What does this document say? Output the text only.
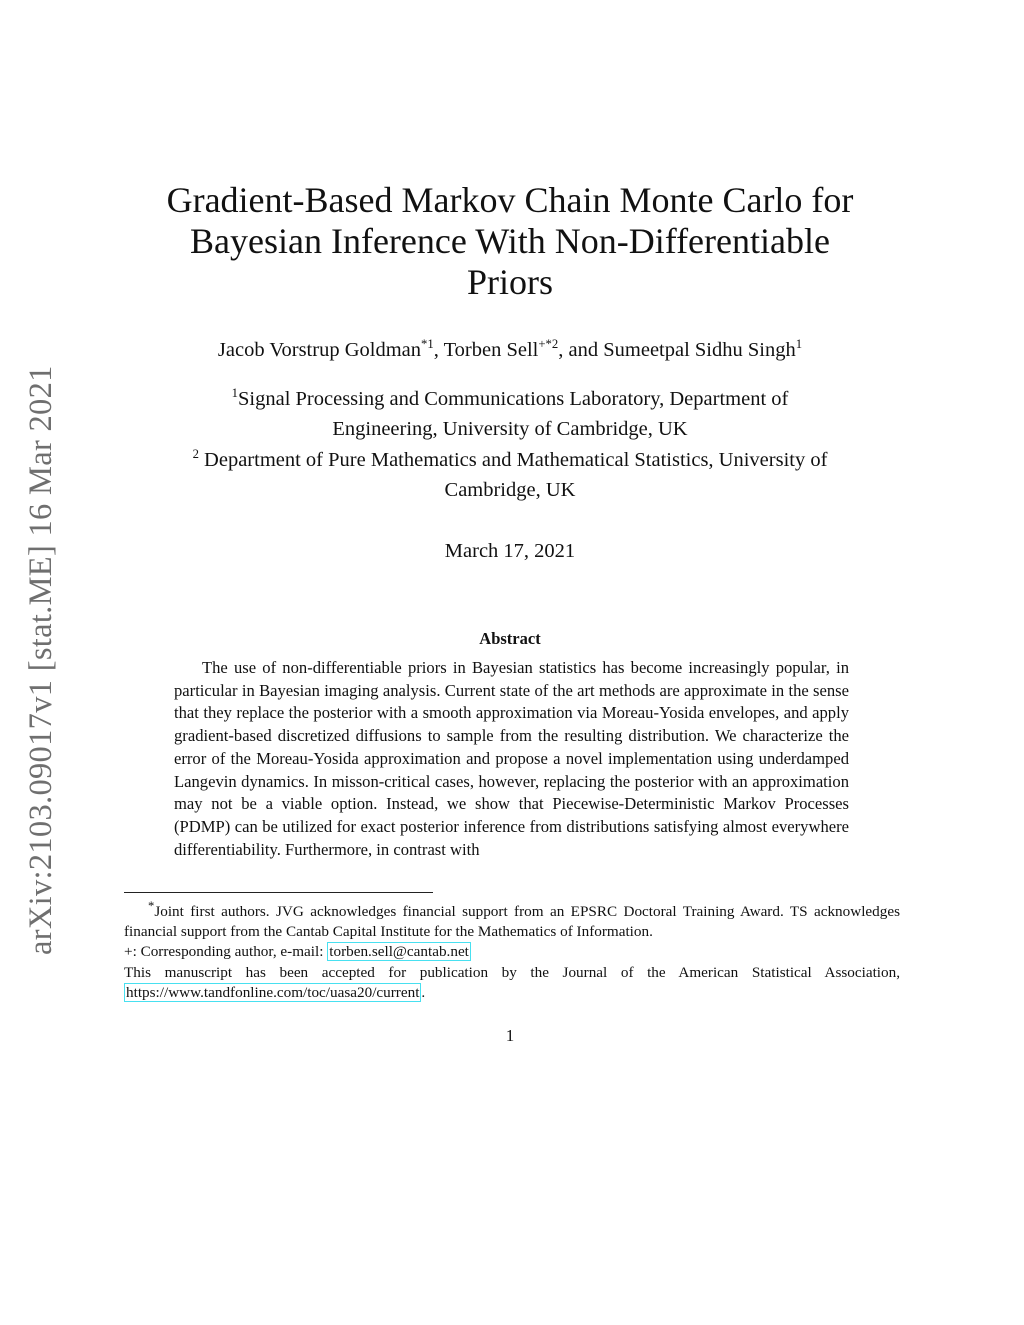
arXiv:2103.09017v1 [stat.ME] 16 Mar 2021
Gradient-Based Markov Chain Monte Carlo for
Bayesian Inference With Non-Differentiable
Priors
Jacob Vorstrup Goldman$^{*1}$, Torben Sell$^{+*2}$, and Sumeetpal Sidhu Singh$^1$
$^1$Signal Processing and Communications Laboratory, Department of
Engineering, University of Cambridge, UK
$^2$ Department of Pure Mathematics and Mathematical Statistics, University of
Cambridge, UK
March 17, 2021
Abstract

The use of non-differentiable priors in Bayesian statistics has become increasingly popular, in particular in Bayesian imaging analysis. Current state of the art methods are approximate in the sense that they replace the posterior with a smooth approximation via Moreau-Yosida envelopes, and apply gradient-based discretized diffusions to sample from the resulting distribution. We characterize the error of the Moreau-Yosida approximation and propose a novel implementation using underdamped Langevin dynamics. In misson-critical cases, however, replacing the posterior with an approximation may not be a viable option. Instead, we show that Piecewise-Deterministic Markov Processes (PDMP) can be utilized for exact posterior inference from distributions satisfying almost everywhere differentiability. Furthermore, in contrast with

*Joint first authors. JVG acknowledges financial support from an EPSRC Doctoral Training Award. TS acknowledges financial support from the Cantab Capital Institute for the Mathematics of Information.

+: Corresponding author, e-mail: torben.sell@cantab.net

This manuscript has been accepted for publication by the Journal of the American Statistical Association, https://www.tandfonline.com/toc/uasa20/current .

1
